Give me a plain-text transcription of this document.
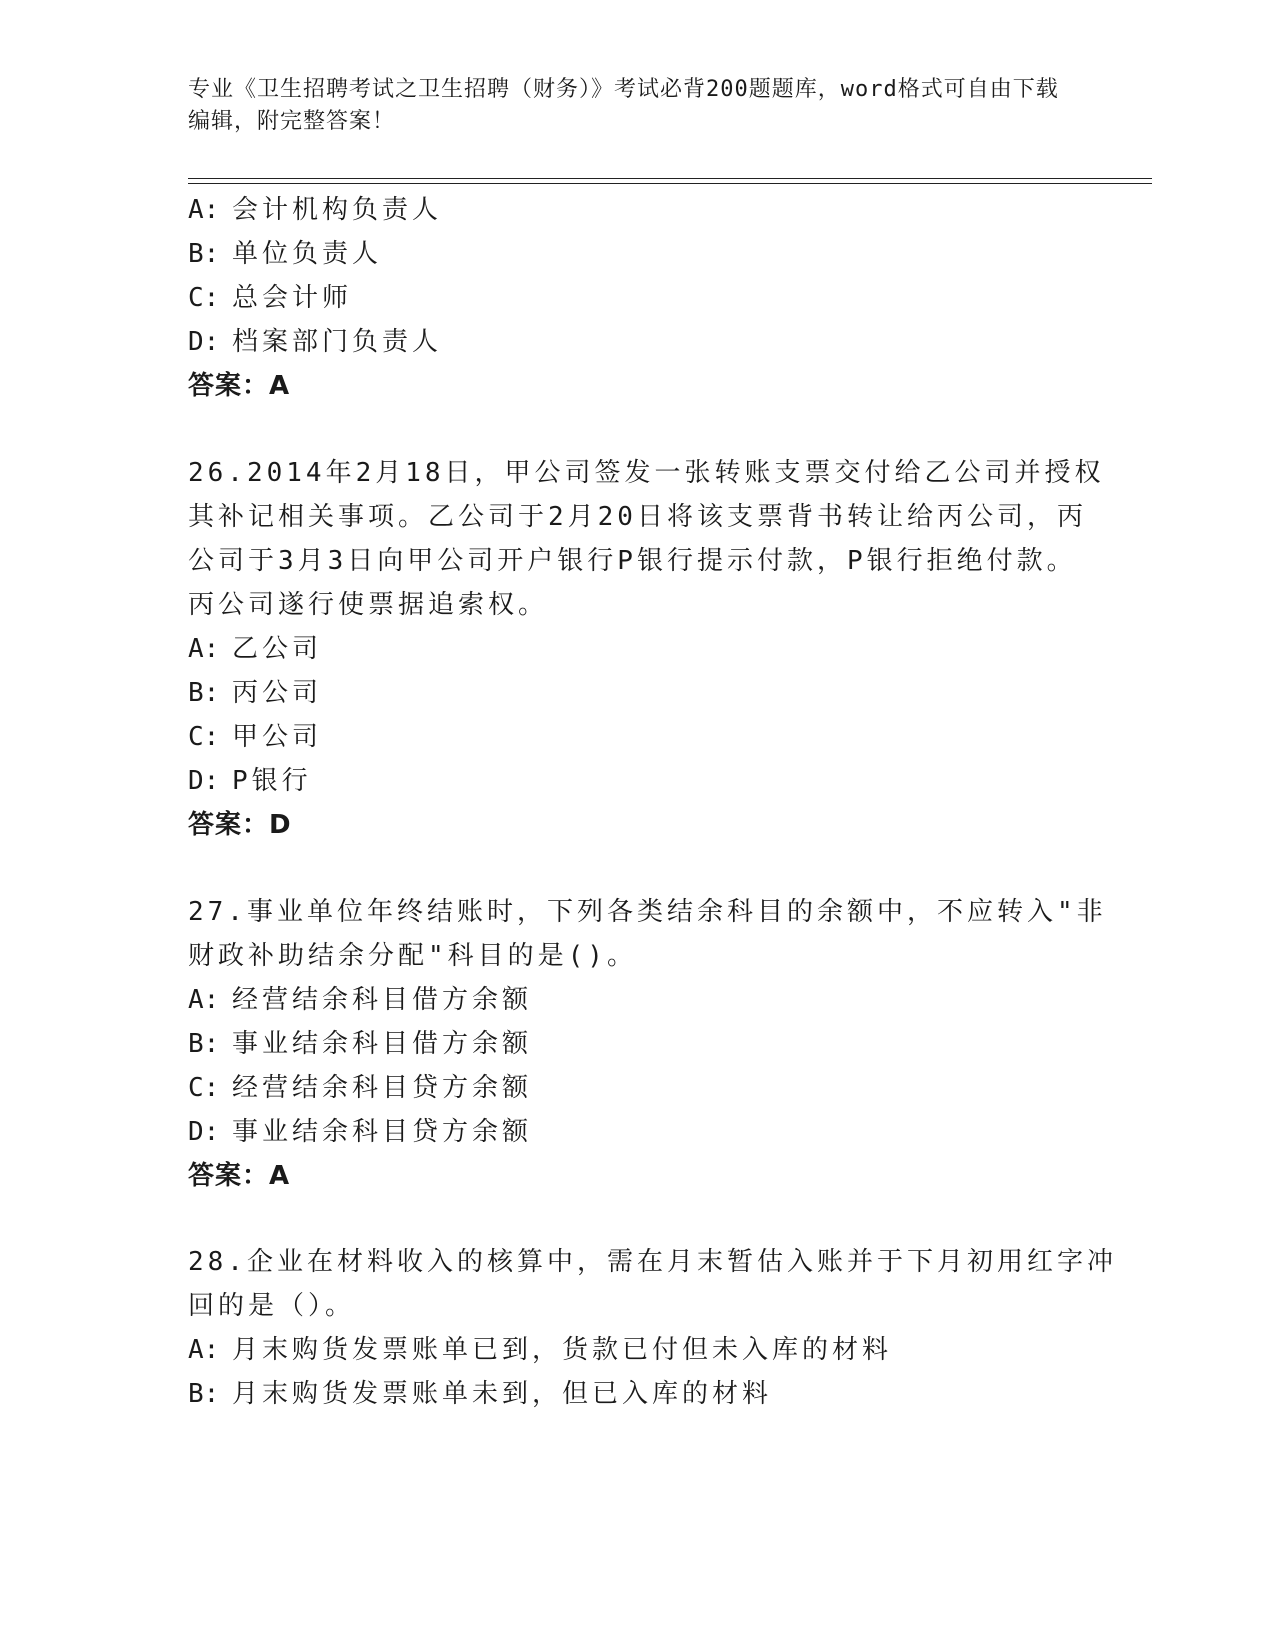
专业《卫生招聘考试之卫生招聘（财务）》考试必背200题题库，word格式可自由下载编辑，附完整答案！
A: 会计机构负责人
B: 单位负责人
C: 总会计师
D: 档案部门负责人
答案：A
26.2014年2月18日，甲公司签发一张转账支票交付给乙公司并授权
其补记相关事项。乙公司于2月20日将该支票背书转让给丙公司，丙
公司于3月3日向甲公司开户银行P银行提示付款，P银行拒绝付款。
丙公司遂行使票据追索权。
A: 乙公司
B: 丙公司
C: 甲公司
D: P银行
答案：D
27.事业单位年终结账时，下列各类结余科目的余额中，不应转入"非
财政补助结余分配"科目的是()。
A: 经营结余科目借方余额
B: 事业结余科目借方余额
C: 经营结余科目贷方余额
D: 事业结余科目贷方余额
答案：A
28.企业在材料收入的核算中，需在月末暂估入账并于下月初用红字冲
回的是（）。
A: 月末购货发票账单已到，货款已付但未入库的材料
B: 月末购货发票账单未到，但已入库的材料
